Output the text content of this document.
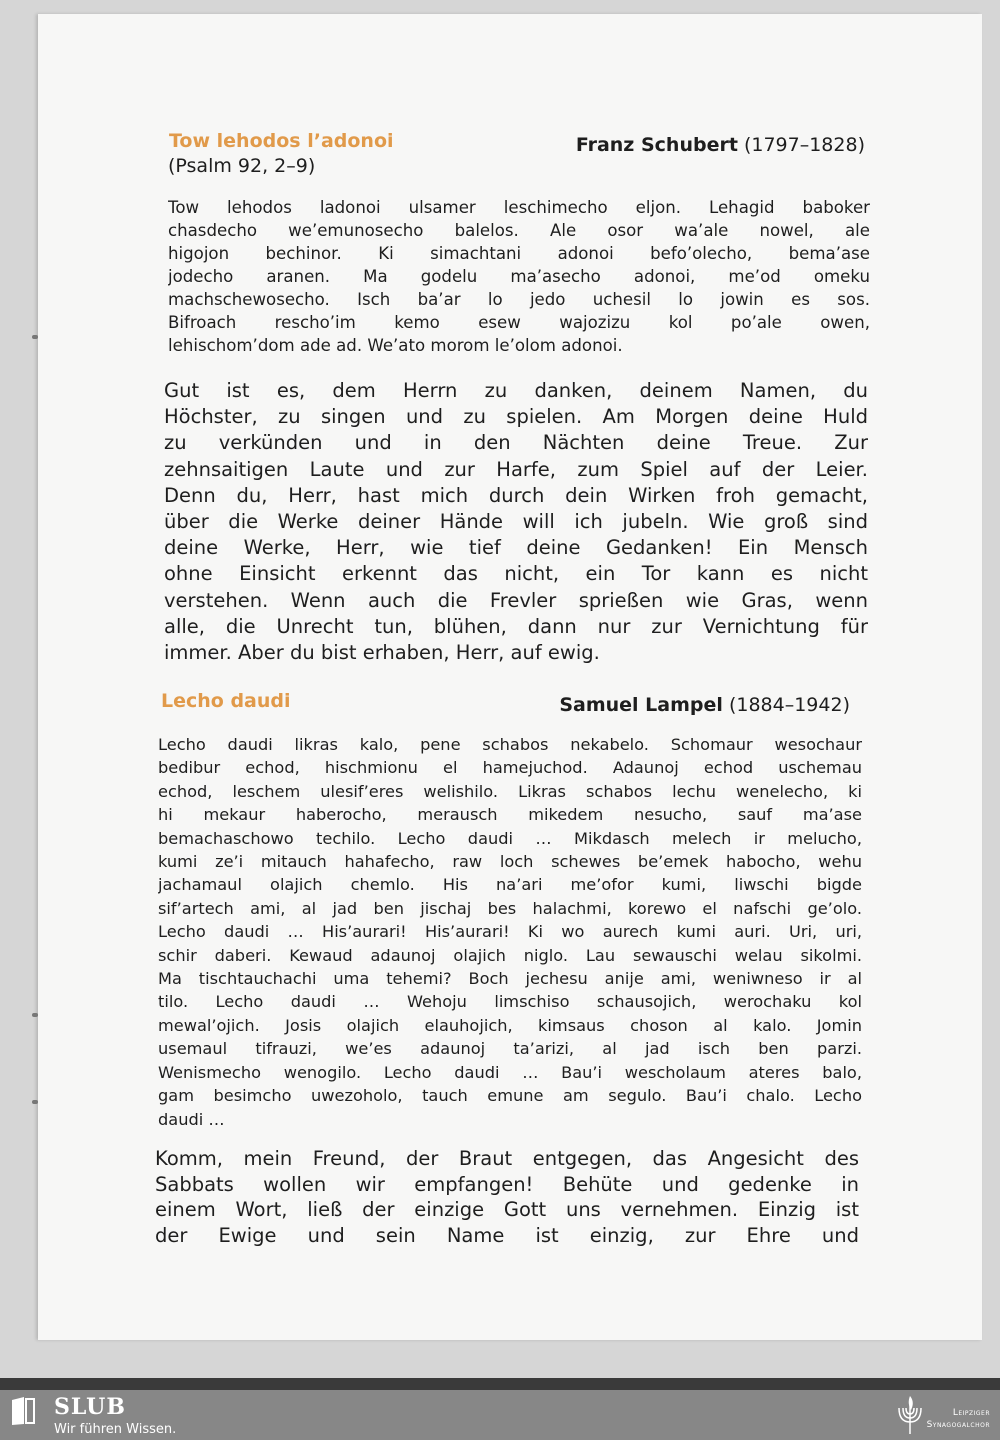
Tow lehodos l’adonoi	Franz Schubert (1797–1828)
(Psalm 92, 2–9)
Tow lehodos ladonoi ulsamer leschimecho eljon. Lehagid baboker
chasdecho we’emunosecho balelos. Ale osor wa’ale nowel, ale
higojon bechinor. Ki simachtani adonoi befo’olecho, bema’ase
jodecho aranen. Ma godelu ma’asecho adonoi, me’od omeku
machschewosecho. Isch ba’ar lo jedo uchesil lo jowin es sos.
Bifroach rescho’im kemo esew wajozizu kol po’ale owen,
lehischom’dom ade ad. We’ato morom le’olom adonoi.
Gut ist es, dem Herrn zu danken, deinem Namen, du
Höchster, zu singen und zu spielen. Am Morgen deine Huld
zu verkünden und in den Nächten deine Treue. Zur
zehnsaitigen Laute und zur Harfe, zum Spiel auf der Leier.
Denn du, Herr, hast mich durch dein Wirken froh gemacht,
über die Werke deiner Hände will ich jubeln. Wie groß sind
deine Werke, Herr, wie tief deine Gedanken! Ein Mensch
ohne Einsicht erkennt das nicht, ein Tor kann es nicht
verstehen. Wenn auch die Frevler sprießen wie Gras, wenn
alle, die Unrecht tun, blühen, dann nur zur Vernichtung für
immer. Aber du bist erhaben, Herr, auf ewig.
Lecho daudi	Samuel Lampel (1884–1942)
Lecho daudi likras kalo, pene schabos nekabelo. Schomaur wesochaur
bedibur echod, hischmionu el hamejuchod. Adaunoj echod uschemau
echod, leschem ulesif’eres welishilo. Likras schabos lechu wenelecho, ki
hi mekaur haberocho, merausch mikedem nesucho, sauf ma’ase
bemachaschowo techilo. Lecho daudi … Mikdasch melech ir melucho,
kumi ze’i mitauch hahafecho, raw loch schewes be’emek habocho, wehu
jachamaul olajich chemlo. His na’ari me’ofor kumi, liwschi bigde
sif’artech ami, al jad ben jischaj bes halachmi, korewo el nafschi ge’olo.
Lecho daudi … His’aurari! His’aurari! Ki wo aurech kumi auri. Uri, uri,
schir daberi. Kewaud adaunoj olajich niglo. Lau sewauschi welau sikolmi.
Ma tischtauchachi uma tehemi? Boch jechesu anije ami, weniwneso ir al
tilo. Lecho daudi … Wehoju limschiso schausojich, werochaku kol
mewal’ojich. Josis olajich elauhojich, kimsaus choson al kalo. Jomin
usemaul tifrauzi, we’es adaunoj ta’arizi, al jad isch ben parzi.
Wenismecho wenogilo. Lecho daudi … Bau’i wescholaum ateres balo,
gam besimcho uwezoholo, tauch emune am segulo. Bau’i chalo. Lecho
daudi …
Komm, mein Freund, der Braut entgegen, das Angesicht des
Sabbats wollen wir empfangen! Behüte und gedenke in
einem Wort, ließ der einzige Gott uns vernehmen. Einzig ist
der Ewige und sein Name ist einzig, zur Ehre und
SLUB
Wir führen Wissen.
Leipziger
Synagogalchor
